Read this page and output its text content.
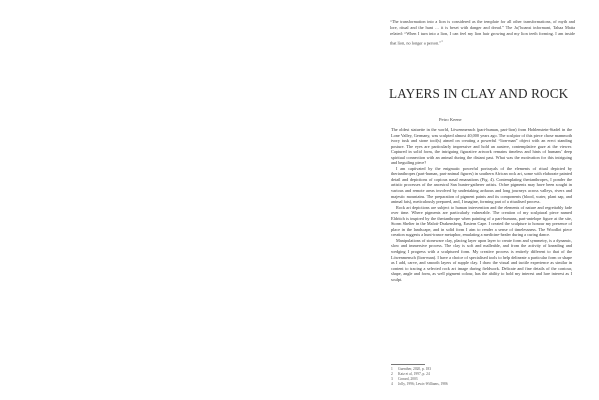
“The transformation into a lion is considered as the template for all other transformations, of myth and lore, ritual and the hunt … it is beset with danger and dread.” The Ju|’hoansi informant, Tahaa Matta related: “When I turn into a lion, I can feel my lion hair growing and my lion teeth forming. I am inside that lion, no longer a person.”$^1$

LAYERS IN CLAY AND ROCK
Petro Keene

The oldest statuette in the world, Löwenmensch (part-human, part-lion) from Hohlenstein-Stadel in the Lone Valley, Germany, was sculpted almost 40,000 years ago. The sculptor of this piece chose mammoth ivory tusk and stone tool(s) aimed on creating a powerful “lion-man” object with an erect standing posture. The eyes are particularly impressive and hold an austere, contemplative gaze at the viewer. Captured in solid form, the intriguing figurative artwork remains timeless and hints of humans’ deep spiritual connection with an animal during the distant past. What was the motivation for this intriguing and beguiling piece?

I am captivated by the enigmatic powerful portrayals of the elements of ritual depicted by therianthropes (part-human, part-animal figures) in southern African rock art, some with elaborate painted detail and depictions of copious nasal emanations (Fig. 4). Contemplating therianthropes, I ponder the artistic processes of the ancestral San hunter-gatherer artists. Ochre pigments may have been sought in various and remote areas involved by undertaking arduous and long journeys across valleys, rivers and majestic mountains. The preparation of pigment paints and its components (blood, water, plant sap, and animal fats), meticulously prepared, and, I imagine, forming part of a ritualised process.

Rock art depictions are subject to human intervention and the elements of nature and regrettably fade over time. Where pigments are particularly vulnerable. The creation of my sculptural piece named Eldritch is inspired by the therianthrope when painting of a part-humans, part-antelope figure at the site, Storm Shelter in the Maloti-Drakensberg, Eastern Cape. I created the sculpture to honour my presence of place in the landscape, and in solid form I aim to render a sense of timelessness. The Woodlot piece creation suggests a hunt-trance metaphor, emulating a medicine-healer during a curing dance.

Manipulations of stoneware clay, placing layer upon layer to create form and symmetry, is a dynamic, slow and immersive process. The clay is soft and malleable, and from the activity of kneading and wedging I progress with a sculptured form. My creative process is entirely different to that of the Löwenmensch (lion-man). I have a choice of specialised tools to help delineate a particular form or shape as I add, carve, and smooth layers of supple clay. I draw the visual and tactile experience as similar in content to tracing a selected rock art image during fieldwork. Delicate and fine details of the contour, shape, angle and form, as well pigment colour, has the ability to hold my interest and lure interest as I sculpt.

1	Guenther, 2020, p. 183
2	Katz et al, 1997, p. 24
3	Conard, 2003
4	Jolly, 1996; Lewis-Williams, 1986
